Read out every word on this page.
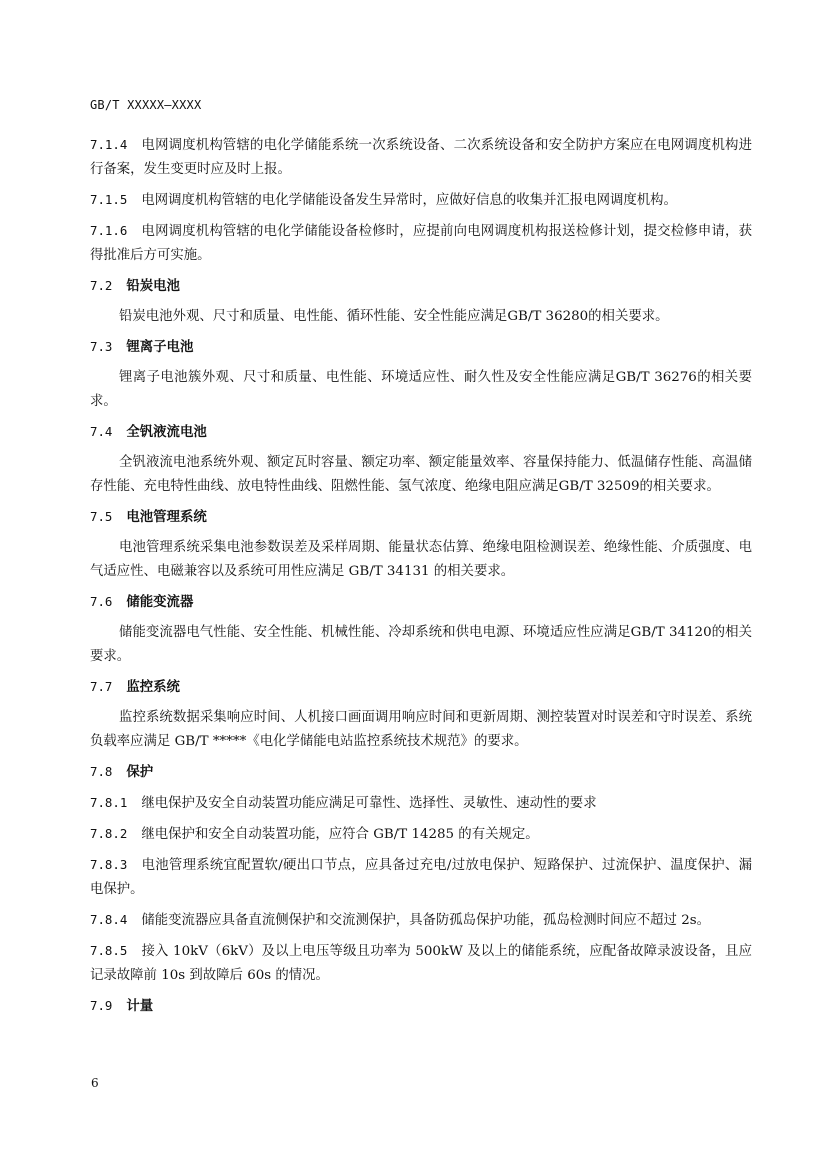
GB/T XXXXX—XXXX

7.1.4 电网调度机构管辖的电化学储能系统一次系统设备、二次系统设备和安全防护方案应在电网调度机构进行备案，发生变更时应及时上报。

7.1.5 电网调度机构管辖的电化学储能设备发生异常时，应做好信息的收集并汇报电网调度机构。

7.1.6 电网调度机构管辖的电化学储能设备检修时，应提前向电网调度机构报送检修计划，提交检修申请，获得批准后方可实施。

7.2 铅炭电池

铅炭电池外观、尺寸和质量、电性能、循环性能、安全性能应满足GB/T 36280的相关要求。

7.3 锂离子电池

锂离子电池簇外观、尺寸和质量、电性能、环境适应性、耐久性及安全性能应满足GB/T 36276的相关要求。

7.4 全钒液流电池

全钒液流电池系统外观、额定瓦时容量、额定功率、额定能量效率、容量保持能力、低温储存性能、高温储存性能、充电特性曲线、放电特性曲线、阻燃性能、氢气浓度、绝缘电阻应满足GB/T 32509的相关要求。

7.5 电池管理系统

电池管理系统采集电池参数误差及采样周期、能量状态估算、绝缘电阻检测误差、绝缘性能、介质强度、电气适应性、电磁兼容以及系统可用性应满足 GB/T 34131 的相关要求。

7.6 储能变流器

储能变流器电气性能、安全性能、机械性能、冷却系统和供电电源、环境适应性应满足GB/T 34120的相关要求。

7.7 监控系统

监控系统数据采集响应时间、人机接口画面调用响应时间和更新周期、测控装置对时误差和守时误差、系统负载率应满足 GB/T *****《电化学储能电站监控系统技术规范》的要求。

7.8 保护

7.8.1 继电保护及安全自动装置功能应满足可靠性、选择性、灵敏性、速动性的要求

7.8.2 继电保护和安全自动装置功能，应符合 GB/T 14285 的有关规定。

7.8.3 电池管理系统宜配置软/硬出口节点，应具备过充电/过放电保护、短路保护、过流保护、温度保护、漏电保护。

7.8.4 储能变流器应具备直流侧保护和交流测保护，具备防孤岛保护功能，孤岛检测时间应不超过 2s。

7.8.5 接入 10kV（6kV）及以上电压等级且功率为 500kW 及以上的储能系统，应配备故障录波设备，且应记录故障前 10s 到故障后 60s 的情况。

7.9 计量

6
